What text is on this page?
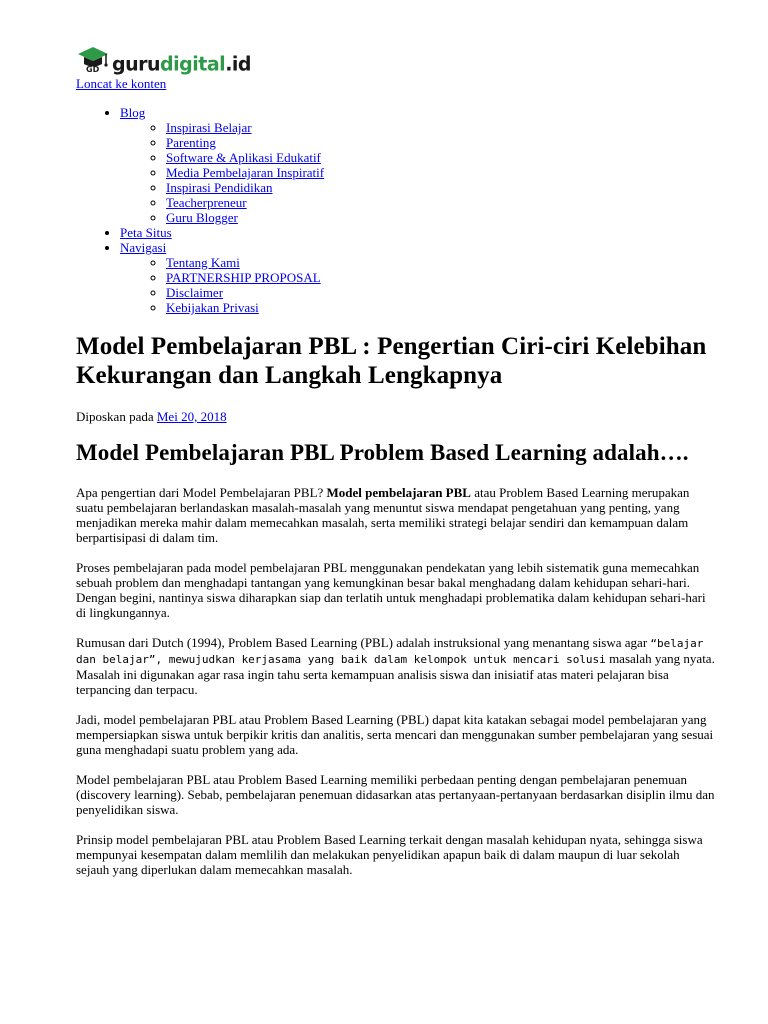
GD gurudigital.id
Loncat ke konten
• Blog
◦ Inspirasi Belajar
◦ Parenting
◦ Software & Aplikasi Edukatif
◦ Media Pembelajaran Inspiratif
◦ Inspirasi Pendidikan
◦ Teacherpreneur
◦ Guru Blogger
• Peta Situs
• Navigasi
◦ Tentang Kami
◦ PARTNERSHIP PROPOSAL
◦ Disclaimer
◦ Kebijakan Privasi
Model Pembelajaran PBL : Pengertian Ciri-ciri Kelebihan Kekurangan dan Langkah Lengkapnya
Diposkan pada Mei 20, 2018
Model Pembelajaran PBL Problem Based Learning adalah….

Apa pengertian dari Model Pembelajaran PBL? Model pembelajaran PBL atau Problem Based Learning merupakan suatu pembelajaran berlandaskan masalah-masalah yang menuntut siswa mendapat pengetahuan yang penting, yang menjadikan mereka mahir dalam memecahkan masalah, serta memiliki strategi belajar sendiri dan kemampuan dalam berpartisipasi di dalam tim.

Proses pembelajaran pada model pembelajaran PBL menggunakan pendekatan yang lebih sistematik guna memecahkan sebuah problem dan menghadapi tantangan yang kemungkinan besar bakal menghadang dalam kehidupan sehari-hari. Dengan begini, nantinya siswa diharapkan siap dan terlatih untuk menghadapi problematika dalam kehidupan sehari-hari di lingkungannya.

Rumusan dari Dutch (1994), Problem Based Learning (PBL) adalah instruksional yang menantang siswa agar “belajar dan belajar”, mewujudkan kerjasama yang baik dalam kelompok untuk mencari solusi masalah yang nyata. Masalah ini digunakan agar rasa ingin tahu serta kemampuan analisis siswa dan inisiatif atas materi pelajaran bisa terpancing dan terpacu.

Jadi, model pembelajaran PBL atau Problem Based Learning (PBL) dapat kita katakan sebagai model pembelajaran yang mempersiapkan siswa untuk berpikir kritis dan analitis, serta mencari dan menggunakan sumber pembelajaran yang sesuai guna menghadapi suatu problem yang ada.

Model pembelajaran PBL atau Problem Based Learning memiliki perbedaan penting dengan pembelajaran penemuan (discovery learning). Sebab, pembelajaran penemuan didasarkan atas pertanyaan-pertanyaan berdasarkan disiplin ilmu dan penyelidikan siswa.

Prinsip model pembelajaran PBL atau Problem Based Learning terkait dengan masalah kehidupan nyata, sehingga siswa mempunyai kesempatan dalam memlilih dan melakukan penyelidikan apapun baik di dalam maupun di luar sekolah sejauh yang diperlukan dalam memecahkan masalah.
